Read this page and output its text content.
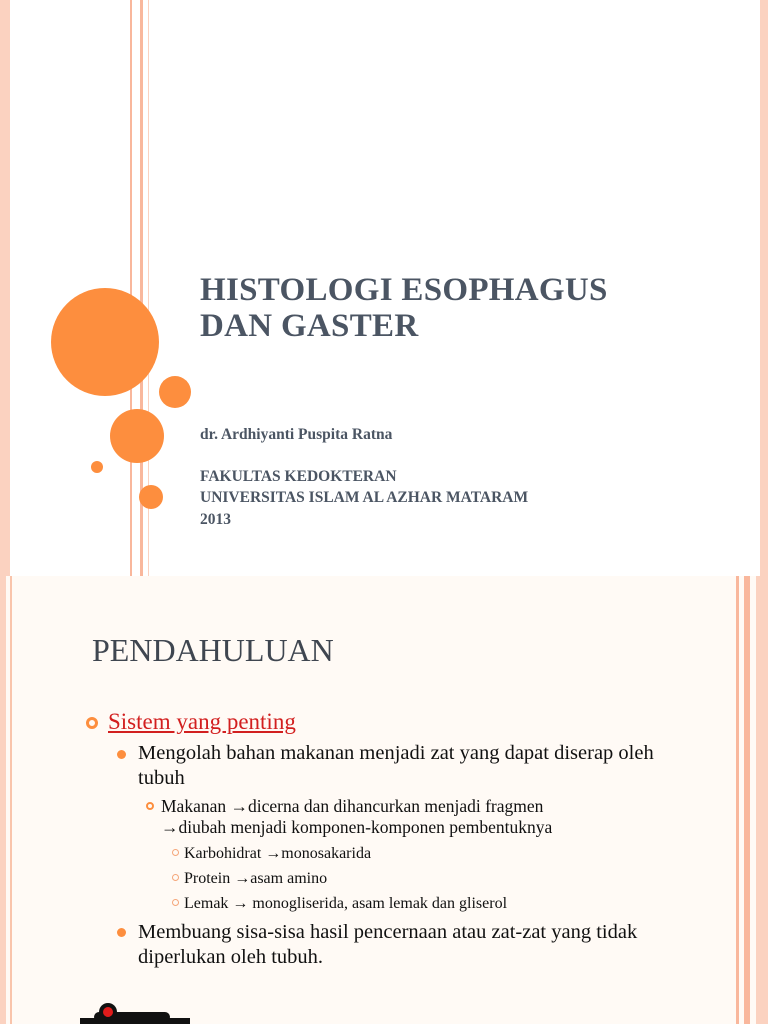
HISTOLOGI ESOPHAGUS
DAN GASTER
dr. Ardhiyanti Puspita Ratna
FAKULTAS KEDOKTERAN
UNIVERSITAS ISLAM AL AZHAR MATARAM
2013
PENDAHULUAN
Sistem yang penting
Mengolah bahan makanan menjadi zat yang dapat diserap oleh
tubuh
Makanan →dicerna dan dihancurkan menjadi fragmen
→diubah menjadi komponen-komponen pembentuknya
Karbohidrat →monosakarida
Protein →asam amino
Lemak → monogliserida, asam lemak dan gliserol
Membuang sisa-sisa hasil pencernaan atau zat-zat yang tidak
diperlukan oleh tubuh.
